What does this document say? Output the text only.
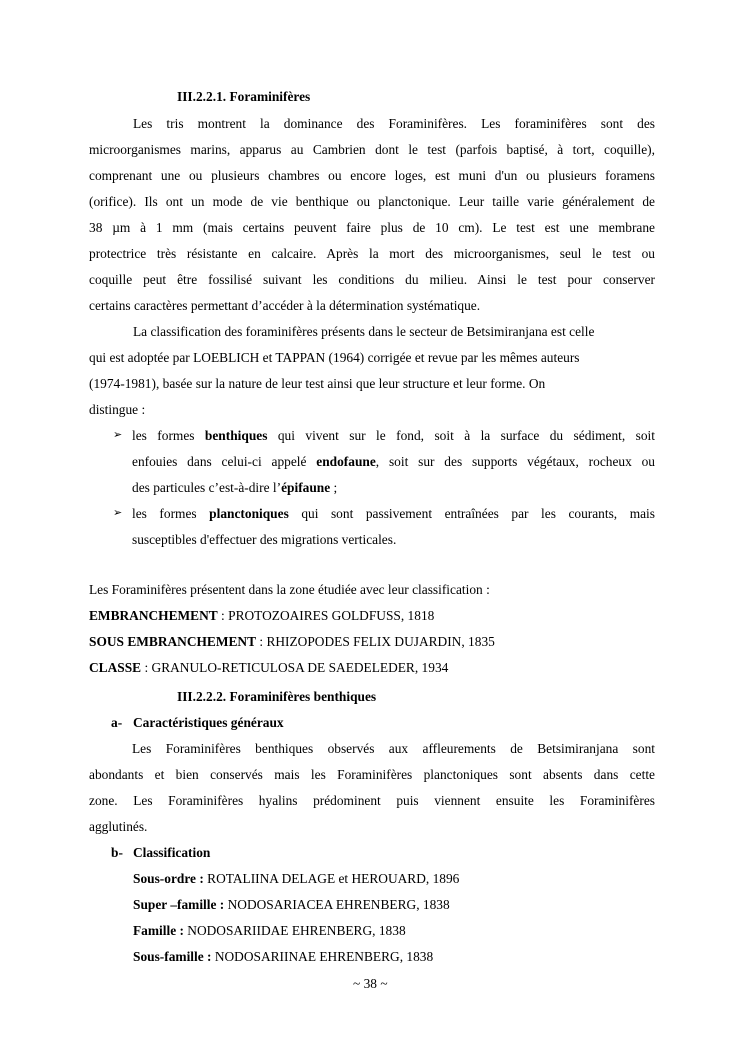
III.2.2.1. Foraminifères
Les tris montrent la dominance des Foraminifères. Les foraminifères sont des
microorganismes marins, apparus au Cambrien dont le test (parfois baptisé, à tort, coquille),
comprenant une ou plusieurs chambres ou encore loges, est muni d'un ou plusieurs foramens
(orifice). Ils ont un mode de vie benthique ou planctonique. Leur taille varie généralement de
38 µm à 1 mm (mais certains peuvent faire plus de 10 cm). Le test est une membrane
protectrice très résistante en calcaire. Après la mort des microorganismes, seul le test ou
coquille peut être fossilisé suivant les conditions du milieu. Ainsi le test pour conserver
certains caractères permettant d’accéder à la détermination systématique.
La classification des foraminifères présents dans le secteur de Betsimiranjana est celle
qui est adoptée par LOEBLICH et TAPPAN (1964) corrigée et revue par les mêmes auteurs
(1974-1981), basée sur la nature de leur test ainsi que leur structure et leur forme. On
distingue :
➢ les formes benthiques qui vivent sur le fond, soit à la surface du sédiment, soit
enfouies dans celui-ci appelé endofaune, soit sur des supports végétaux, rocheux ou
des particules c’est-à-dire l’épifaune ;
➢ les formes planctoniques qui sont passivement entraînées par les courants, mais
susceptibles d'effectuer des migrations verticales.
Les Foraminifères présentent dans la zone étudiée avec leur classification :
EMBRANCHEMENT : PROTOZOAIRES GOLDFUSS, 1818
SOUS EMBRANCHEMENT : RHIZOPODES FELIX DUJARDIN, 1835
CLASSE : GRANULO-RETICULOSA DE SAEDELEDER, 1934
III.2.2.2. Foraminifères benthiques
a- Caractéristiques généraux
Les Foraminifères benthiques observés aux affleurements de Betsimiranjana sont
abondants et bien conservés mais les Foraminifères planctoniques sont absents dans cette
zone. Les Foraminifères hyalins prédominent puis viennent ensuite les Foraminifères
agglutinés.
b- Classification
Sous-ordre : ROTALIINA DELAGE et HEROUARD, 1896
Super –famille : NODOSARIACEA EHRENBERG, 1838
Famille : NODOSARIIDAE EHRENBERG, 1838
Sous-famille : NODOSARIINAE EHRENBERG, 1838
~ 38 ~
